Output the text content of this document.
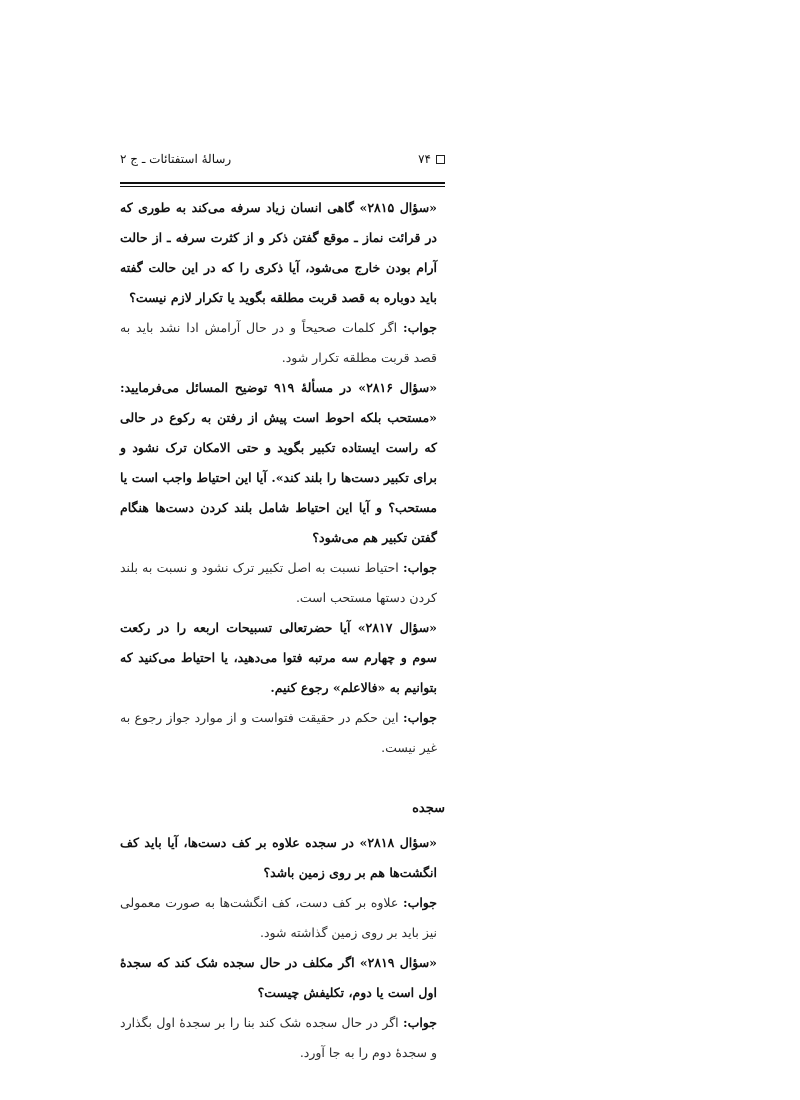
۷۴
رسالهٔ استفتائات ـ ج ۲

«سؤال ۲۸۱۵» گاهی انسان زیاد سرفه می‌کند به طوری که در قرائت نماز ـ موقع گفتن ذکر و از کثرت سرفه ـ از حالت آرام بودن خارج می‌شود، آیا ذکری را که در این حالت گفته باید دوباره به قصد قربت مطلقه بگوید یا تکرار لازم نیست؟

جواب: اگر کلمات صحیحاً و در حال آرامش ادا نشد باید به قصد قربت مطلقه تکرار شود.

«سؤال ۲۸۱۶» در مسألهٔ ۹۱۹ توضیح المسائل می‌فرمایید: «مستحب بلکه احوط است پیش از رفتن به رکوع در حالی که راست ایستاده تکبیر بگوید و حتی الامکان ترک نشود و برای تکبیر دست‌ها را بلند کند». آیا این احتیاط واجب است یا مستحب؟ و آیا این احتیاط شامل بلند کردن دست‌ها هنگام گفتن تکبیر هم می‌شود؟

جواب: احتیاط نسبت به اصل تکبیر ترک نشود و نسبت به بلند کردن دستها مستحب است.

«سؤال ۲۸۱۷» آیا حضرتعالی تسبیحات اربعه را در رکعت سوم و چهارم سه مرتبه فتوا می‌دهید، یا احتیاط می‌کنید که بتوانیم به «فالاعلم» رجوع کنیم.

جواب: این حکم در حقیقت فتواست و از موارد جواز رجوع به غیر نیست.

سجده

«سؤال ۲۸۱۸» در سجده علاوه بر کف دست‌ها، آیا باید کف انگشت‌ها هم بر روی زمین باشد؟

جواب: علاوه بر کف دست، کف انگشت‌ها به صورت معمولی نیز باید بر روی زمین گذاشته شود.

«سؤال ۲۸۱۹» اگر مکلف در حال سجده شک کند که سجدهٔ اول است یا دوم، تکلیفش چیست؟

جواب: اگر در حال سجده شک کند بنا را بر سجدهٔ اول بگذارد و سجدهٔ دوم را به جا آورد.
